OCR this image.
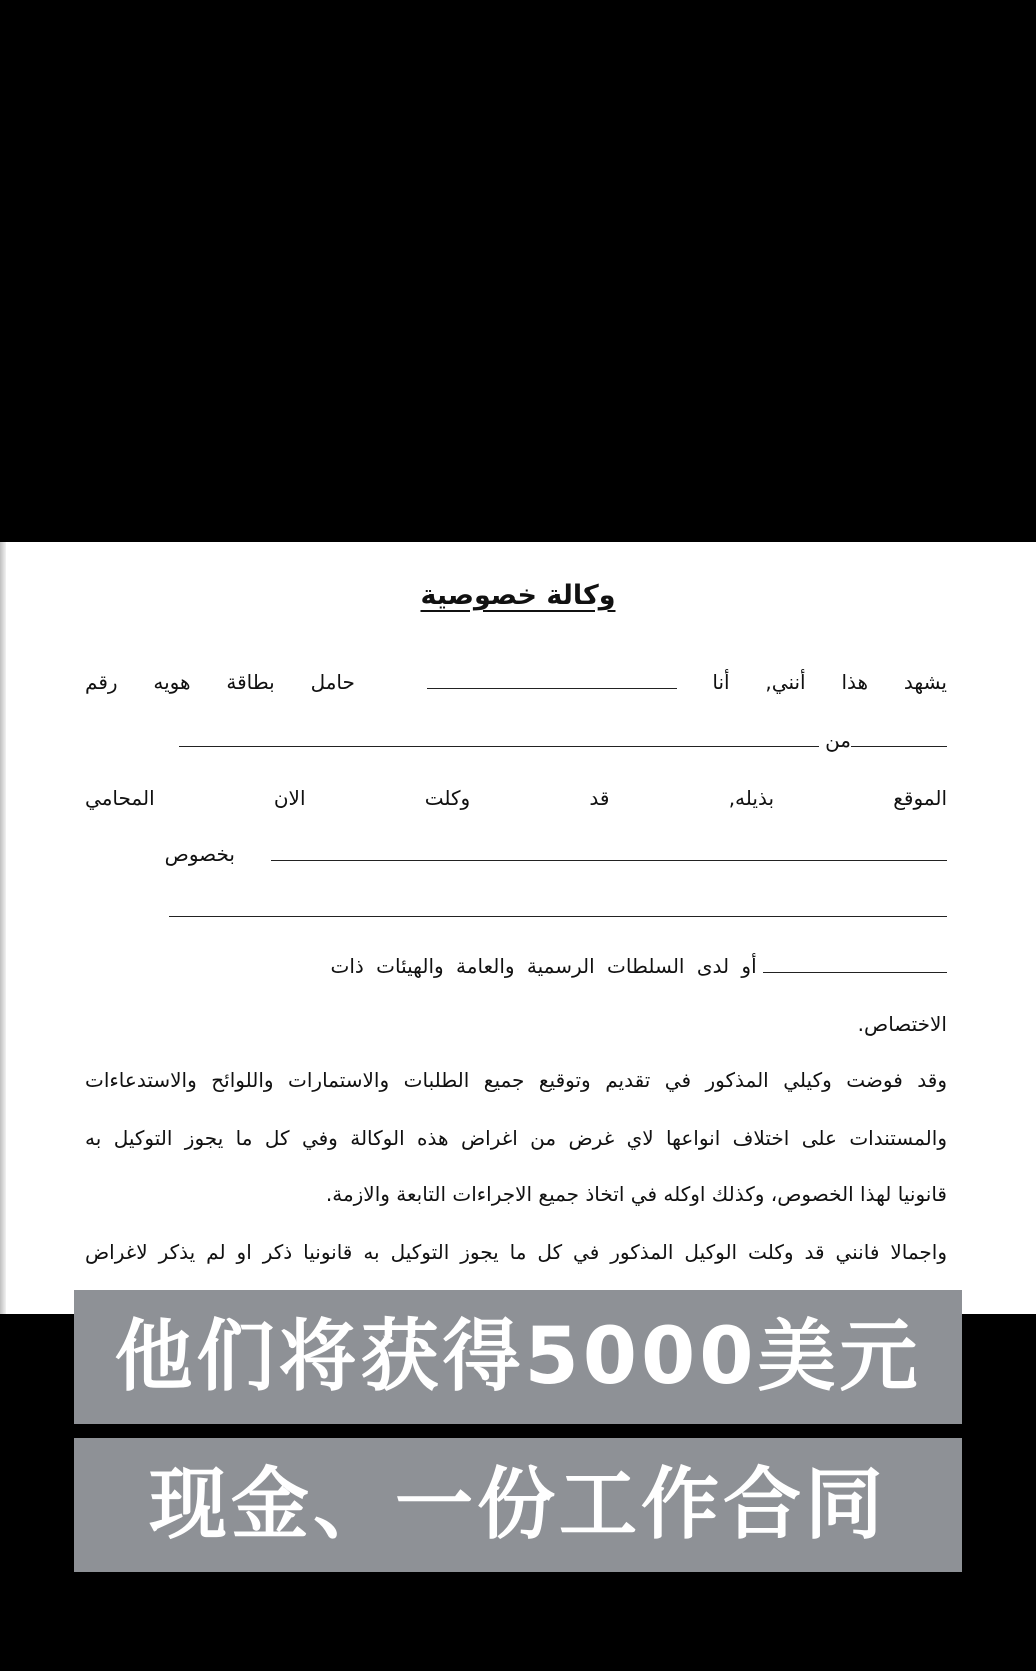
وكالة خصوصية
يشهد
هذا
أنني,
أنا
حامل
بطاقة
هويه
رقم
من
الموقع
بذيله,
قد
وكلت
الان
المحامي
بخصوص
أو لدى السلطات الرسمية والعامة والهيئات ذات
الاختصاص.
وقد فوضت وكيلي المذكور في تقديم وتوقيع جميع الطلبات والاستمارات واللوائح والاستدعاءات
والمستندات على اختلاف انواعها لاي غرض من اغراض هذه الوكالة وفي كل ما يجوز التوكيل به
قانونيا لهذا الخصوص، وكذلك اوكله في اتخاذ جميع الاجراءات التابعة والازمة.
واجمالا فانني قد وكلت الوكيل المذكور في كل ما يجوز التوكيل به قانونيا ذكر او لم يذكر لاغراض
他们将获得5000美元
现金、一份工作合同
